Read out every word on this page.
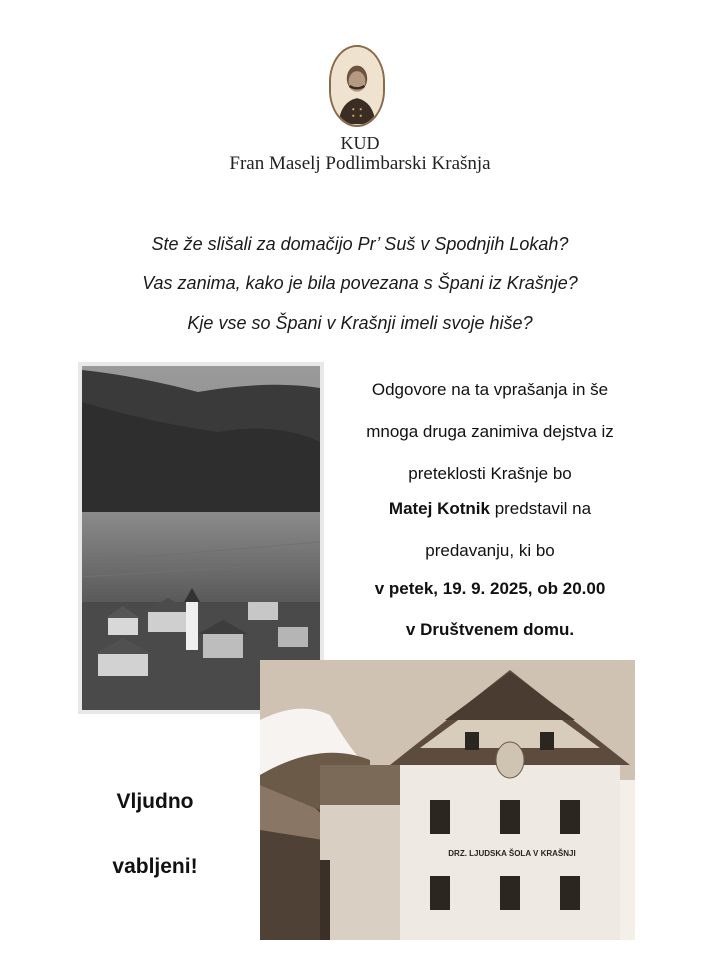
KUD
Fran Maselj Podlimbarski Krašnja
Ste že slišali za domačijo Pr’ Suš v Spodnjih Lokah?
Vas zanima, kako je bila povezana s Špani iz Krašnje?
Kje vse so Špani v Krašnji imeli svoje hiše?
Odgovore na ta vprašanja in še
mnoga druga zanimiva dejstva iz
preteklosti Krašnje bo
Matej Kotnik predstavil na
predavanju, ki bo
v petek, 19. 9. 2025, ob 20.00
v Društvenem domu.
DRZ. LJUDSKA ŠOLA V KRAŠNJI
Vljudno
vabljeni!
